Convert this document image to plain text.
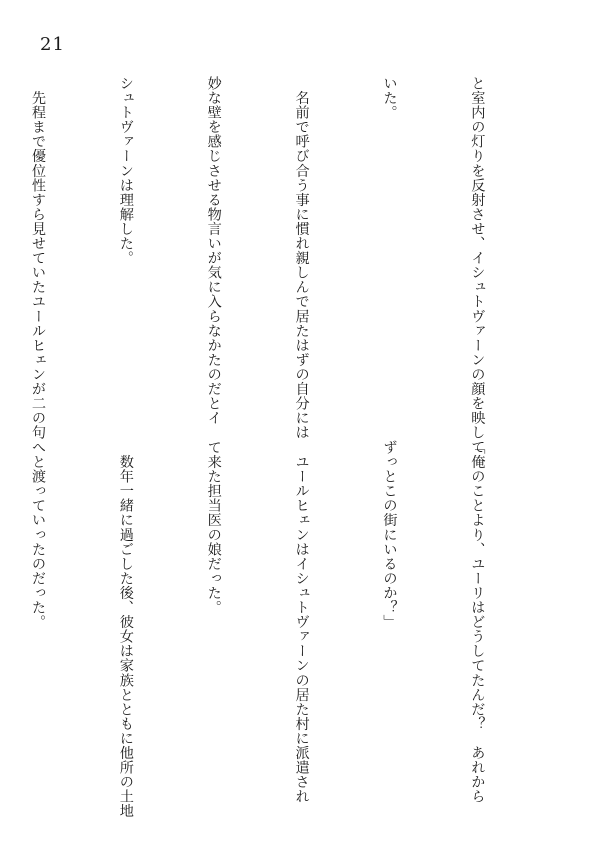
21

と室内の灯りを反射させ、イシュトヴァーンの顔を映して

いた。

　名前で呼び合う事に慣れ親しんで居たはずの自分には

妙な壁を感じさせる物言いが気に入らなかたのだとイ

シュトヴァーンは理解した。

　先程まで優位性すら見せていたユールヒェンが二の句

「俺のことより、ユーリはどうしてたんだ？　あれから

ずっとこの街にいるのか？」

　ユールヒェンはイシュトヴァーンの居た村に派遣され

て来た担当医の娘だった。

　数年一緒に過ごした後、彼女は家族とともに他所の土地

へと渡っていったのだった。
